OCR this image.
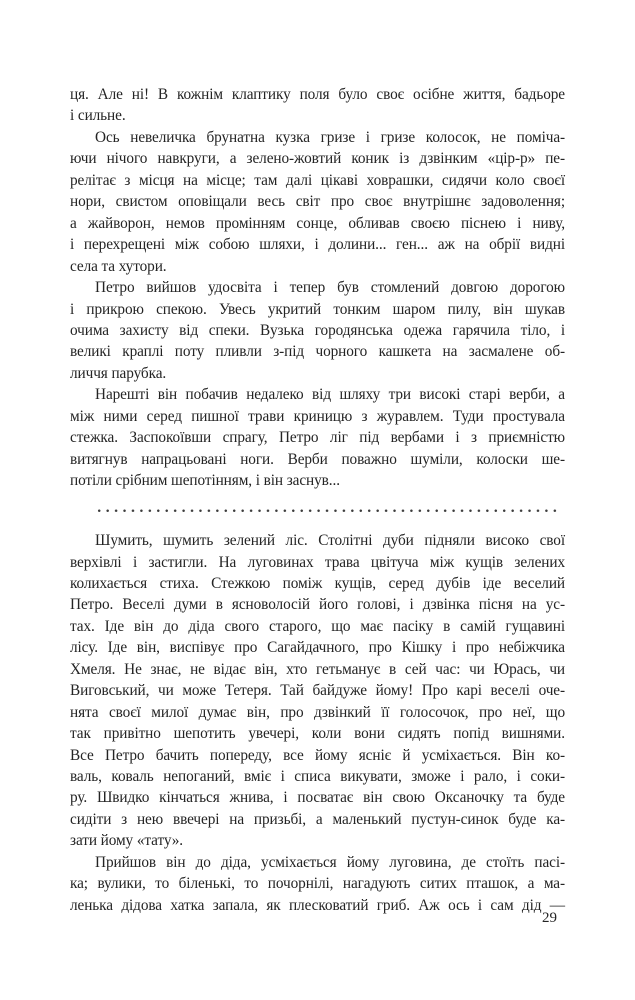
ця. Але ні! В кожнім клаптику поля було своє осібне життя, бадьоре
і сильне.
Ось невеличка брунатна кузка гризе і гризе колосок, не поміча-
ючи нічого навкруги, а зелено-жовтий коник із дзвінким «цір-р» пе-
релітає з місця на місце; там далі цікаві ховрашки, сидячи коло своєї
нори, свистом оповіщали весь світ про своє внутрішнє задоволення;
а жайворон, немов промінням сонце, обливав своєю піснею і ниву,
і перехрещені між собою шляхи, і долини... ген... аж на обрії видні
села та хутори.
Петро вийшов удосвіта і тепер був стомлений довгою дорогою
і прикрою спекою. Увесь укритий тонким шаром пилу, він шукав
очима захисту від спеки. Вузька городянська одежа гарячила тіло, і
великі краплі поту пливли з-під чорного кашкета на засмалене об-
личчя парубка.
Нарешті він побачив недалеко від шляху три високі старі верби, а
між ними серед пишної трави криницю з журавлем. Туди простувала
стежка. Заспокоївши спрагу, Петро ліг під вербами і з приємністю
витягнув напрацьовані ноги. Верби поважно шуміли, колоски ше-
потіли срібним шепотінням, і він заснув...
Шумить, шумить зелений ліс. Столітні дуби підняли високо свої
верхівлі і застигли. На луговинах трава цвітуча між кущів зелених
колихається стиха. Стежкою поміж кущів, серед дубів іде веселий
Петро. Веселі думи в ясноволосій його голові, і дзвінка пісня на ус-
тах. Іде він до діда свого старого, що має пасіку в самій гущавині
лісу. Іде він, виспівує про Сагайдачного, про Кішку і про небіжчика
Хмеля. Не знає, не відає він, хто гетьманує в сей час: чи Юрась, чи
Виговський, чи може Тетеря. Тай байдуже йому! Про карі веселі оче-
нята своєї милої думає він, про дзвінкий її голосочок, про неї, що
так привітно шепотить увечері, коли вони сидять попід вишнями.
Все Петро бачить попереду, все йому ясніє й усміхається. Він ко-
валь, коваль непоганий, вміє і списа викувати, зможе і рало, і соки-
ру. Швидко кінчаться жнива, і посватає він свою Оксаночку та буде
сидіти з нею ввечері на призьбі, а маленький пустун-синок буде ка-
зати йому «тату».
Прийшов він до діда, усміхається йому луговина, де стоїть пасі-
ка; вулики, то біленькі, то почорнілі, нагадують ситих пташок, а ма-
ленька дідова хатка запала, як плесковатий гриб. Аж ось і сам дід —
29
